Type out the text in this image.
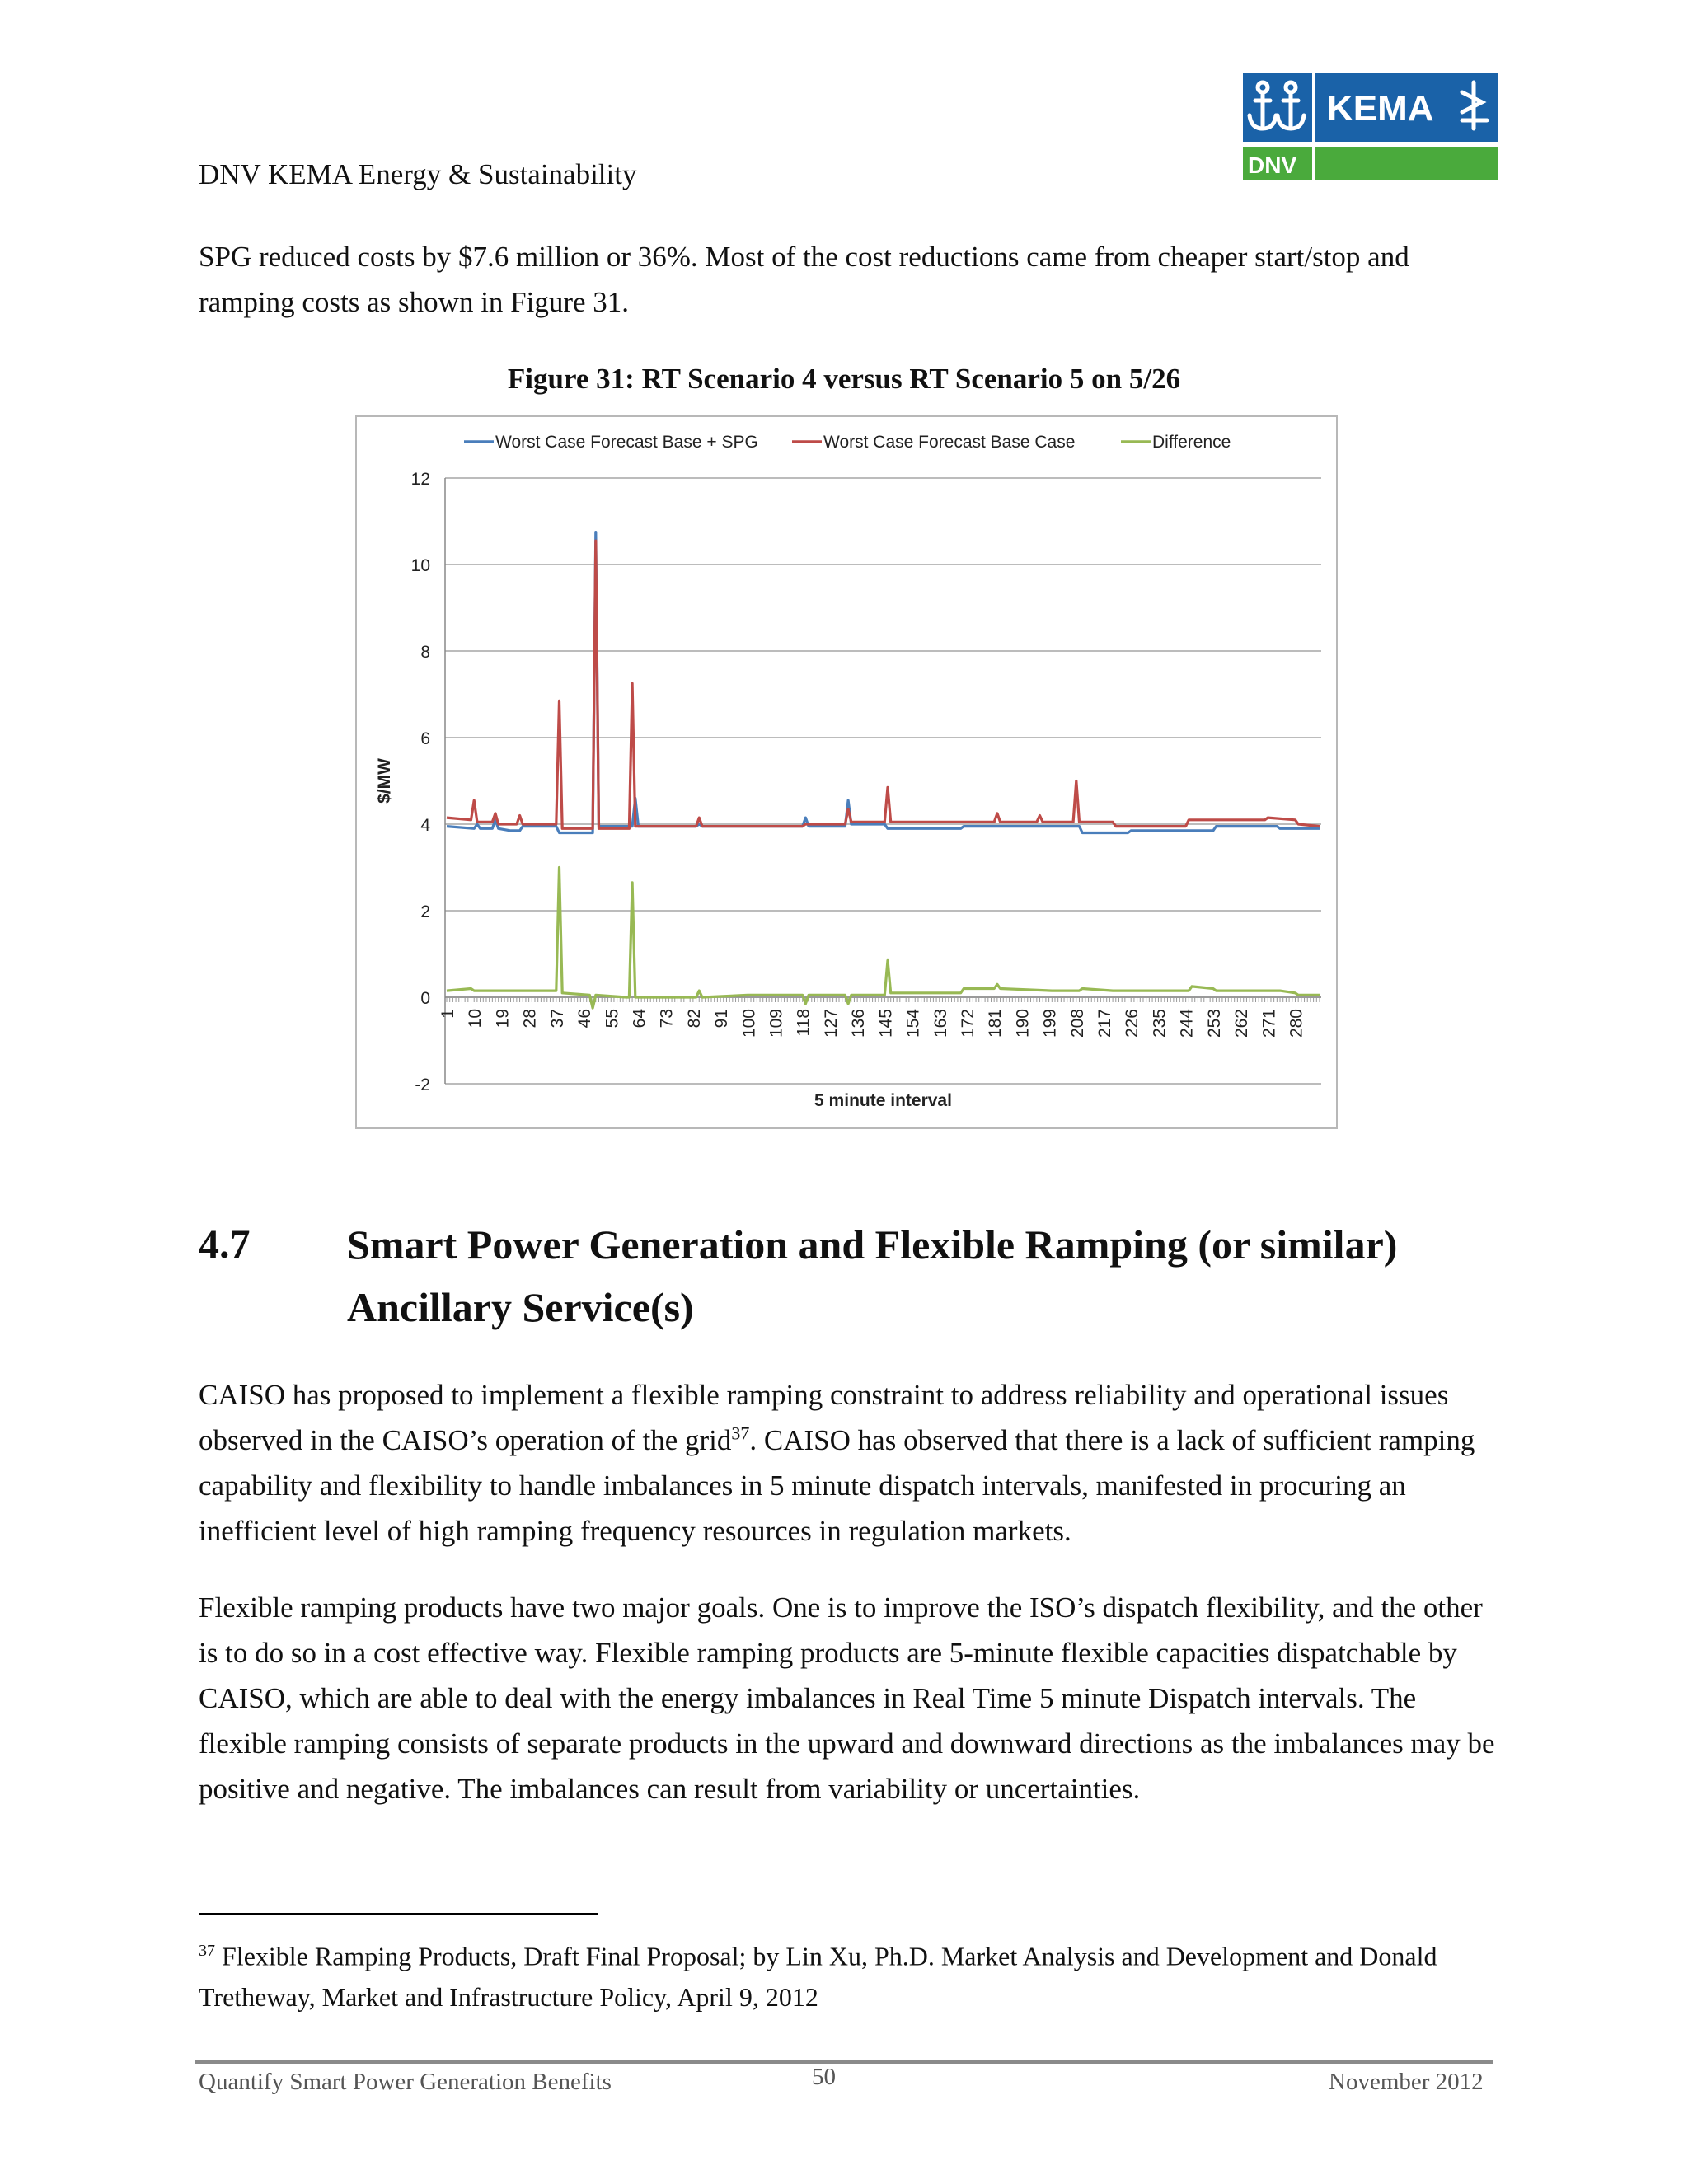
DNV KEMA Energy & Sustainability
KEMA
DNV

SPG reduced costs by $7.6 million or 36%. Most of the cost reductions came from cheaper start/stop and ramping costs as shown in Figure 31.

Figure 31: RT Scenario 4 versus RT Scenario 5 on 5/26
-2
0
2
4
6
8
10
12
1 10 19 28 37 46 55 64 73 82 91 100 109 118 127 136 145 154 163 172 181 190 199 208 217 226 235 244 253 262 271 280
5 minute interval
$/MW
Worst Case Forecast Base + SPG	Worst Case Forecast Base Case	Difference
4.7 Smart Power Generation and Flexible Ramping (or similar) Ancillary Service(s)

CAISO has proposed to implement a flexible ramping constraint to address reliability and operational issues observed in the CAISO’s operation of the grid$^{37}$. CAISO has observed that there is a lack of sufficient ramping capability and flexibility to handle imbalances in 5 minute dispatch intervals, manifested in procuring an inefficient level of high ramping frequency resources in regulation markets.

Flexible ramping products have two major goals. One is to improve the ISO’s dispatch flexibility, and the other is to do so in a cost effective way. Flexible ramping products are 5-minute flexible capacities dispatchable by CAISO, which are able to deal with the energy imbalances in Real Time 5 minute Dispatch intervals. The flexible ramping consists of separate products in the upward and downward directions as the imbalances may be positive and negative. The imbalances can result from variability or uncertainties.

$^{37}$ Flexible Ramping Products, Draft Final Proposal; by Lin Xu, Ph.D. Market Analysis and Development and Donald Tretheway, Market and Infrastructure Policy, April 9, 2012

Quantify Smart Power Generation Benefits	50	November 2012
